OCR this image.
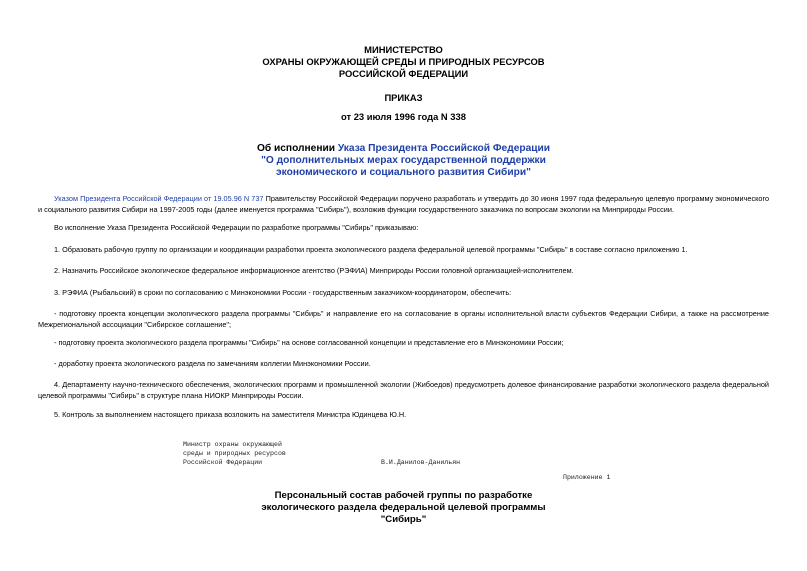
МИНИСТЕРСТВО
ОХРАНЫ ОКРУЖАЮЩЕЙ СРЕДЫ И ПРИРОДНЫХ РЕСУРСОВ
РОССИЙСКОЙ ФЕДЕРАЦИИ
ПРИКАЗ
от 23 июля 1996 года N 338
Об исполнении Указа Президента Российской Федерации
"О дополнительных мерах государственной поддержки
экономического и социального развития Сибири"
Указом Президента Российской Федерации от 19.05.96 N 737 Правительству Российской Федерации поручено разработать и утвердить до 30 июня 1997 года федеральную целевую программу экономического и социального развития Сибири на 1997-2005 годы (далее именуется программа "Сибирь"), возложив функции государственного заказчика по вопросам экологии на Минприроды России.
Во исполнение Указа Президента Российской Федерации по разработке программы "Сибирь" приказываю:
1. Образовать рабочую группу по организации и координации разработки проекта экологического раздела федеральной целевой программы "Сибирь" в составе согласно приложению 1.
2. Назначить Российское экологическое федеральное информационное агентство (РЭФИА) Минприроды России головной организацией-исполнителем.
3. РЭФИА (Рыбальский) в сроки по согласованию с Минэкономики России - государственным заказчиком-координатором, обеспечить:
- подготовку проекта концепции экологического раздела программы "Сибирь" и направление его на согласование в органы исполнительной власти субъектов Федерации Сибири, а также на рассмотрение Межрегиональной ассоциации "Сибирское соглашение";
- подготовку проекта экологического раздела программы "Сибирь" на основе согласованной концепции и представление его в Минэкономики России;
- доработку проекта экологического раздела по замечаниям коллегии Минэкономики России.
4. Департаменту научно-технического обеспечения, экологических программ и промышленной экологии (Жибоедов) предусмотреть долевое финансирование разработки экологического раздела федеральной целевой программы "Сибирь" в структуре плана НИОКР Минприроды России.
5. Контроль за выполнением настоящего приказа возложить на заместителя Министра Юдинцева Ю.Н.
Министр охраны окружающей
среды и природных ресурсов
Российской Федерации	В.И.Данилов-Данильян
Приложение 1
Персональный состав рабочей группы по разработке
экологического раздела федеральной целевой программы
"Сибирь"
